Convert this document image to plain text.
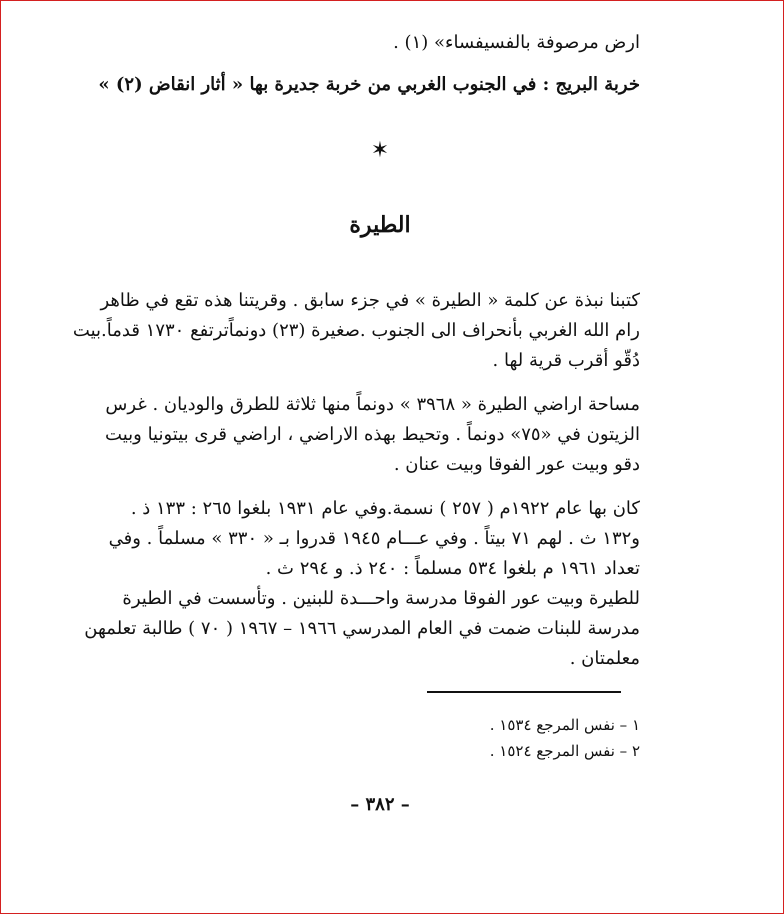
ارض مرصوفة بالفسيفساء» (١) .
خربة البريج : في الجنوب الغربي من خربة جديرة بها « أثار انقاض (٢) »
✶
الطيرة
كتبنا نبذة عن كلمة « الطيرة » في جزء سابق . وقريتنا هذه تقع في ظاهر
رام الله الغربي بأنحراف الى الجنوب .صغيرة (٢٣) دونماًترتفع ١٧٣٠ قدماً.بيت
دُقّو أقرب قرية لها .
مساحة اراضي الطيرة « ٣٩٦٨ » دونماً منها ثلاثة للطرق والوديان . غرس
الزيتون في «٧٥» دونماً . وتحيط بهذه الاراضي ، اراضي قرى بيتونيا وبيت
دقو وبيت عور الفوقا وبيت عنان .
كان بها عام ١٩٢٢م ( ٢٥٧ ) نسمة.وفي عام ١٩٣١ بلغوا ٢٦٥ : ١٣٣ ذ .
و١٣٢ ث . لهم ٧١ بيتاً . وفي عـــام ١٩٤٥ قدروا بـ « ٣٣٠ » مسلماً . وفي
تعداد ١٩٦١ م بلغوا ٥٣٤ مسلماً : ٢٤٠ ذ. و ٢٩٤ ث .
للطيرة وبيت عور الفوقا مدرسة واحـــدة للبنين . وتأسست في الطيرة
مدرسة للبنات ضمت في العام المدرسي ١٩٦٦ – ١٩٦٧ ( ٧٠ ) طالبة تعلمهن
معلمتان .
١ – نفس المرجع ١٥٣٤ .
٢ – نفس المرجع ١٥٢٤ .
– ٣٨٢ –
